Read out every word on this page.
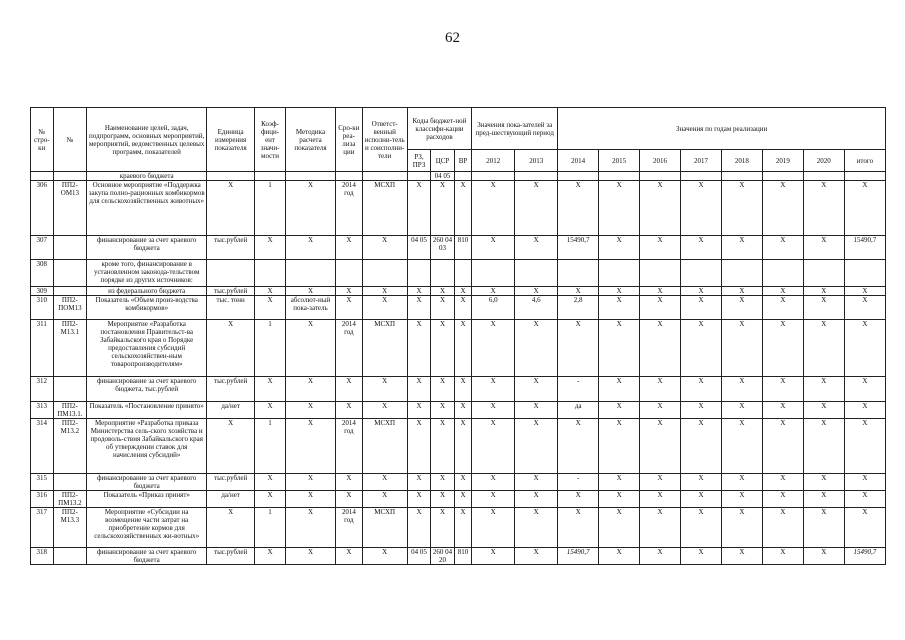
62
№ стро-ки	№	Наименование целей, задач, подпрограмм, основных мероприятий, мероприятий, ведомственных целевых программ, показателей	Единица измерения показателя	Коэф-фици-ент значи-мости	Методика расчета показателя	Сро-ки реа-лиза ции	Ответст-венный исполни-тель и соисполни-тели	Коды бюджет-ной классифи-кации расходов			Значения пока-зателей за пред-шествующий период		Значения по годам реализации							
								РЗ, ПРЗ	ЦСР	ВР	2012	2013	2014	2015	2016	2017	2018	2019	2020	итого
		краевого бюджета							04 05											
306	ПП2-ОМ13	Основное мероприятие «Поддержка закупа полно-рационных комбикормов для сельскохозяйственных животных»	Х	1	Х	2014 год	МСХП	Х	Х	Х	Х	Х	Х	Х	Х	Х	Х	Х	Х	Х
307		финансирование за счет краевого бюджета	тыс.рублей	Х	Х	Х	Х	04 05	260 04 03	810	Х	Х	15490,7	Х	Х	Х	Х	Х	Х	15490,7
308		кроме того, финансирование в установленном законода-тельством порядке из других источников:																		
309		из федерального бюджета	тыс.рублей	Х	Х	Х	Х	Х	Х	Х	Х	Х	Х	Х	Х	Х	Х	Х	Х	Х
310	ПП2-ПОМ13	Показатель «Объем произ-водства комбикормов»	тыс. тонн	Х	абсолют-ный пока-затель	Х	Х	Х	Х	Х	6,0	4,6	2,8	Х	Х	Х	Х	Х	Х	Х
311	ПП2-М13.1	Мероприятие «Разработка постановления Правительст-ва Забайкальского края о Порядке предоставления субсидий сельскохозяйствен-ным товаропроизводителям»	Х	1	Х	2014 год	МСХП	Х	Х	Х	Х	Х	Х	Х	Х	Х	Х	Х	Х	Х
312		финансирование за счет краевого бюджета, тыс.рублей	тыс.рублей	Х	Х	Х	Х	Х	Х	Х	Х	Х	-	Х	Х	Х	Х	Х	Х	Х
313	ПП2-ПМ13.1.	Показатель «Постановление принято»	да/нет	Х	Х	Х	Х	Х	Х	Х	Х	Х	да	Х	Х	Х	Х	Х	Х	Х
314	ПП2-М13.2	Мероприятие «Разработка приказа Министерства сель-ского хозяйства и продоволь-ствия Забайкальского края об утверждении ставок для начисления субсидий»	Х	1	Х	2014 год	МСХП	Х	Х	Х	Х	Х	Х	Х	Х	Х	Х	Х	Х	Х
315		финансирование за счет краевого бюджета	тыс.рублей	Х	Х	Х	Х	Х	Х	Х	Х	Х	-	Х	Х	Х	Х	Х	Х	Х
316	ПП2-ПМ13.2	Показатель «Приказ принят»	да/нет	Х	Х	Х	Х	Х	Х	Х	Х	Х	Х	Х	Х	Х	Х	Х	Х	Х
317	ПП2-М13.3	Мероприятие «Субсидии на возмещение части затрат на приобретение кормов для сельскохозяйственных жи-вотных»	Х	1	Х	2014 год	МСХП	Х	Х	Х	Х	Х	Х	Х	Х	Х	Х	Х	Х	Х
318		финансирование за счет краевого бюджета	тыс.рублей	Х	Х	Х	Х	04 05	260 04 20	810	Х	Х	15490,7	Х	Х	Х	Х	Х	Х	15490,7
